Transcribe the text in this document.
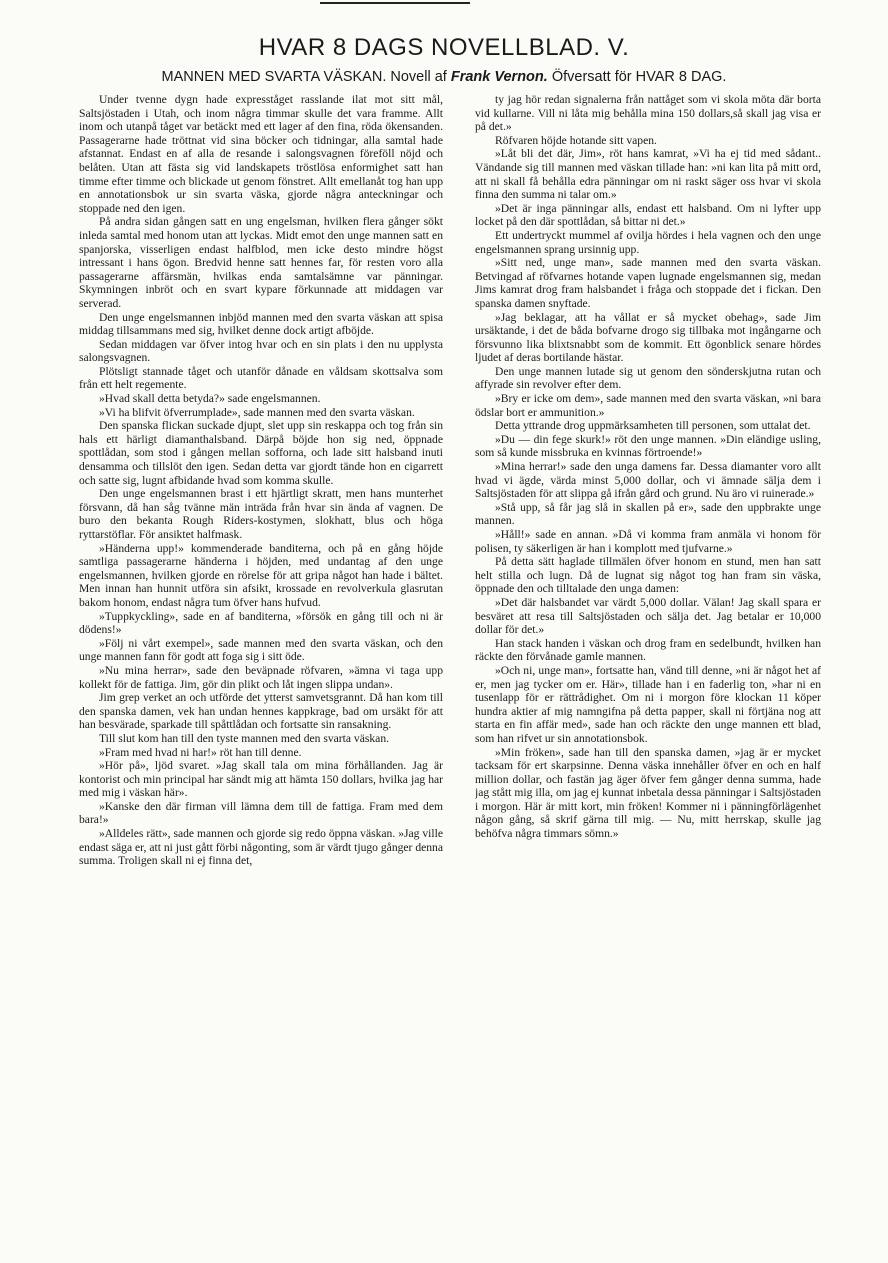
HVAR 8 DAGS NOVELLBLAD. V.
MANNEN MED SVARTA VÄSKAN. Novell af Frank Vernon. Öfversatt för HVAR 8 DAG.

Under tvenne dygn hade expresståget rasslande ilat mot sitt mål, Saltsjöstaden i Utah, och inom några timmar skulle det vara framme. Allt inom och utanpå tåget var betäckt med ett lager af den fina, röda ökensanden. Passagerarne hade tröttnat vid sina böcker och tidningar, alla samtal hade afstannat. Endast en af alla de resande i salongsvagnen föreföll nöjd och belåten. Utan att fästa sig vid landskapets tröstlösa enformighet satt han timme efter timme och blickade ut genom fönstret. Allt emellanåt tog han upp en annotationsbok ur sin svarta väska, gjorde några anteckningar och stoppade ned den igen.

På andra sidan gången satt en ung engelsman, hvilken flera gånger sökt inleda samtal med honom utan att lyckas. Midt emot den unge mannen satt en spanjorska, visserligen endast halfblod, men icke desto mindre högst intressant i hans ögon. Bredvid henne satt hennes far, för resten voro alla passagerarne affärsmän, hvilkas enda samtalsämne var pänningar. Skymningen inbröt och en svart kypare förkunnade att middagen var serverad.

Den unge engelsmannen inbjöd mannen med den svarta väskan att spisa middag tillsammans med sig, hvilket denne dock artigt afböjde.

Sedan middagen var öfver intog hvar och en sin plats i den nu upplysta salongsvagnen.

Plötsligt stannade tåget och utanför dånade en våldsam skottsalva som från ett helt regemente.

»Hvad skall detta betyda?» sade engelsmannen.

»Vi ha blifvit öfverrumplade», sade mannen med den svarta väskan.

Den spanska flickan suckade djupt, slet upp sin reskappa och tog från sin hals ett härligt diamanthalsband. Därpå böjde hon sig ned, öppnade spottlådan, som stod i gången mellan sofforna, och lade sitt halsband inuti densamma och tillslöt den igen. Sedan detta var gjordt tände hon en cigarrett och satte sig, lugnt afbidande hvad som komma skulle.

Den unge engelsmannen brast i ett hjärtligt skratt, men hans munterhet försvann, då han såg tvänne män inträda från hvar sin ända af vagnen. De buro den bekanta Rough Riders-kostymen, slokhatt, blus och höga ryttarstöflar. För ansiktet halfmask.

»Händerna upp!» kommenderade banditerna, och på en gång höjde samtliga passagerarne händerna i höjden, med undantag af den unge engelsmannen, hvilken gjorde en rörelse för att gripa något han hade i bältet. Men innan han hunnit utföra sin afsikt, krossade en revolverkula glasrutan bakom honom, endast några tum öfver hans hufvud.

»Tuppkyckling», sade en af banditerna, »försök en gång till och ni är dödens!»

»Följ ni vårt exempel», sade mannen med den svarta väskan, och den unge mannen fann för godt att foga sig i sitt öde.

»Nu mina herrar», sade den beväpnade röfvaren, »ämna vi taga upp kollekt för de fattiga. Jim, gör din plikt och låt ingen slippa undan».

Jim grep verket an och utförde det ytterst samvetsgrannt. Då han kom till den spanska damen, vek han undan hennes kappkrage, bad om ursäkt för att han besvärade, sparkade till spåttlådan och fortsatte sin ransakning.

Till slut kom han till den tyste mannen med den svarta väskan.

»Fram med hvad ni har!» röt han till denne.

»Hör på», ljöd svaret. »Jag skall tala om mina förhållanden. Jag är kontorist och min principal har sändt mig att hämta 150 dollars, hvilka jag har med mig i väskan här».

»Kanske den där firman vill lämna dem till de fattiga. Fram med dem bara!»

»Alldeles rätt», sade mannen och gjorde sig redo öppna väskan. »Jag ville endast säga er, att ni just gått förbi någonting, som är värdt tjugo gånger denna summa. Troligen skall ni ej finna det,

ty jag hör redan signalerna från nattåget som vi skola möta där borta vid kullarne. Vill ni låta mig behålla mina 150 dollars,så skall jag visa er på det.»

Röfvaren höjde hotande sitt vapen.

»Låt bli det där, Jim», röt hans kamrat, »Vi ha ej tid med sådant.. Vändande sig till mannen med väskan tillade han: »ni kan lita på mitt ord, att ni skall få behålla edra pänningar om ni raskt säger oss hvar vi skola finna den summa ni talar om.»

»Det är inga pänningar alls, endast ett halsband. Om ni lyfter upp locket på den där spottlådan, så bittar ni det.»

Ett undertryckt mummel af ovilja hördes i hela vagnen och den unge engelsmannen sprang ursinnig upp.

»Sitt ned, unge man», sade mannen med den svarta väskan. Betvingad af röfvarnes hotande vapen lugnade engelsmannen sig, medan Jims kamrat drog fram halsbandet i fråga och stoppade det i fickan. Den spanska damen snyftade.

»Jag beklagar, att ha vållat er så mycket obehag», sade Jim ursäktande, i det de båda bofvarne drogo sig tillbaka mot ingångarne och försvunno lika blixtsnabbt som de kommit. Ett ögonblick senare hördes ljudet af deras bortilande hästar.

Den unge mannen lutade sig ut genom den sönderskjutna rutan och affyrade sin revolver efter dem.

»Bry er icke om dem», sade mannen med den svarta väskan, »ni bara ödslar bort er ammunition.»

Detta yttrande drog uppmärksamheten till personen, som uttalat det.

»Du — din fege skurk!» röt den unge mannen. »Din eländige usling, som så kunde missbruka en kvinnas förtroende!»

»Mina herrar!» sade den unga damens far. Dessa diamanter voro allt hvad vi ägde, värda minst 5,000 dollar, och vi ämnade sälja dem i Saltsjöstaden för att slippa gå ifrån gård och grund. Nu äro vi ruinerade.»

»Stå upp, så får jag slå in skallen på er», sade den uppbrakte unge mannen.

»Håll!» sade en annan. »Då vi komma fram anmäla vi honom för polisen, ty säkerligen är han i komplott med tjufvarne.»

På detta sätt haglade tillmälen öfver honom en stund, men han satt helt stilla och lugn. Då de lugnat sig något tog han fram sin väska, öppnade den och tilltalade den unga damen:

»Det där halsbandet var värdt 5,000 dollar. Välan! Jag skall spara er besväret att resa till Saltsjöstaden och sälja det. Jag betalar er 10,000 dollar för det.»

Han stack handen i väskan och drog fram en sedelbundt, hvilken han räckte den förvånade gamle mannen.

»Och ni, unge man», fortsatte han, vänd till denne, »ni är något het af er, men jag tycker om er. Här», tillade han i en faderlig ton, »har ni en tusenlapp för er rättrådighet. Om ni i morgon före klockan 11 köper hundra aktier af mig namngifna på detta papper, skall ni förtjäna nog att starta en fin affär med», sade han och räckte den unge mannen ett blad, som han rifvet ur sin annotationsbok.

»Min fröken», sade han till den spanska damen, »jag är er mycket tacksam för ert skarpsinne. Denna väska innehåller öfver en och en half million dollar, och fastän jag äger öfver fem gånger denna summa, hade jag stått mig illa, om jag ej kunnat inbetala dessa pänningar i Saltsjöstaden i morgon. Här är mitt kort, min fröken! Kommer ni i pänningförlägenhet någon gång, så skrif gärna till mig. — Nu, mitt herrskap, skulle jag behöfva några timmars sömn.»
